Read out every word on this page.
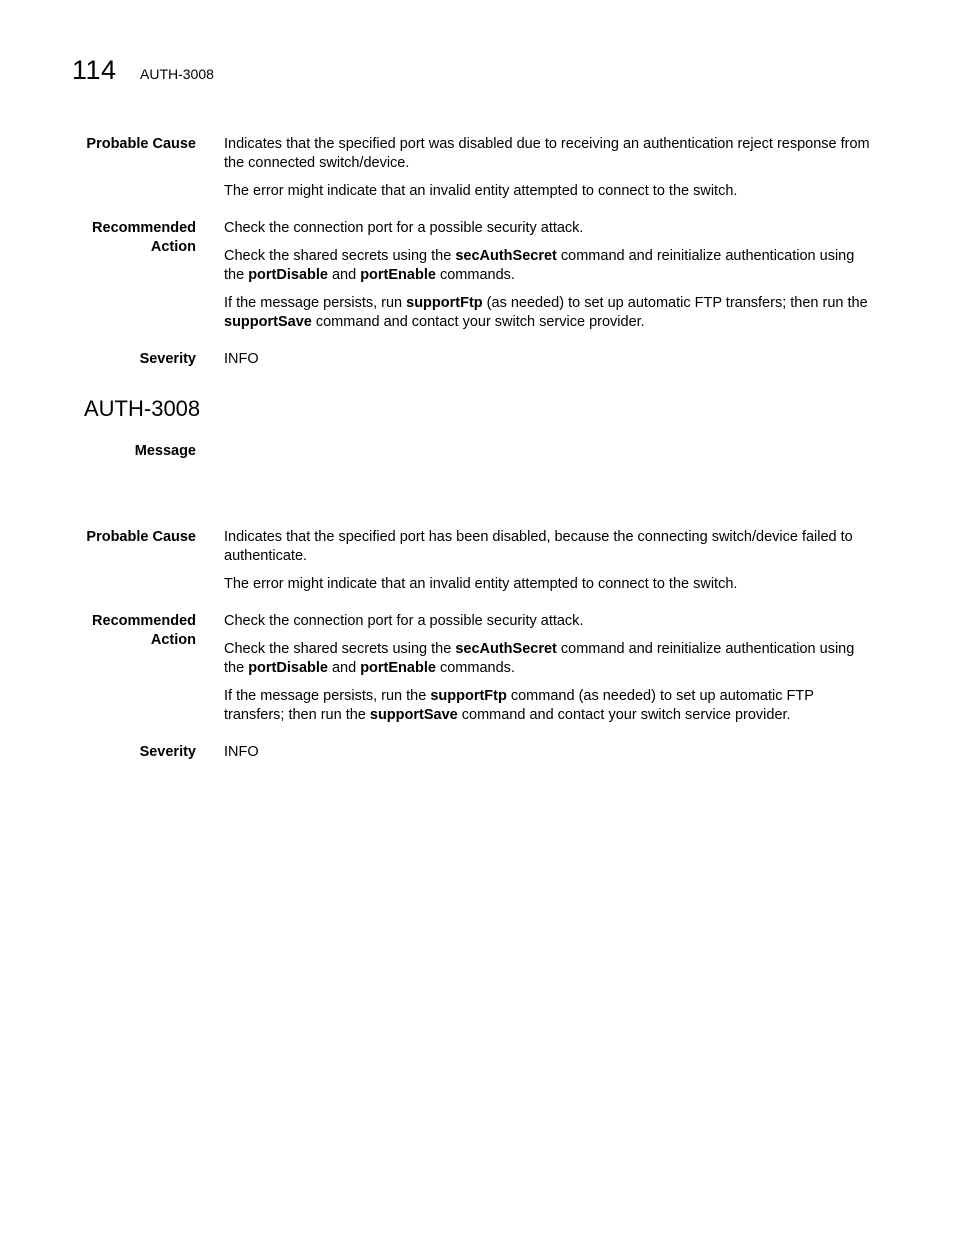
114 AUTH-3008
Probable Cause Indicates that the specified port was disabled due to receiving an authentication reject response from the connected switch/device.

The error might indicate that an invalid entity attempted to connect to the switch.

Recommended
Action

Check the connection port for a possible security attack.

Check the shared secrets using the secAuthSecret command and reinitialize authentication using the portDisable and portEnable commands.

If the message persists, run supportFtp (as needed) to set up automatic FTP transfers; then run the supportSave command and contact your switch service provider.

Severity INFO

AUTH-3008
Message
Probable Cause Indicates that the specified port has been disabled, because the connecting switch/device failed to authenticate.

The error might indicate that an invalid entity attempted to connect to the switch.

Recommended
Action

Check the connection port for a possible security attack.

Check the shared secrets using the secAuthSecret command and reinitialize authentication using the portDisable and portEnable commands.

If the message persists, run the supportFtp command (as needed) to set up automatic FTP transfers; then run the supportSave command and contact your switch service provider.

Severity INFO
